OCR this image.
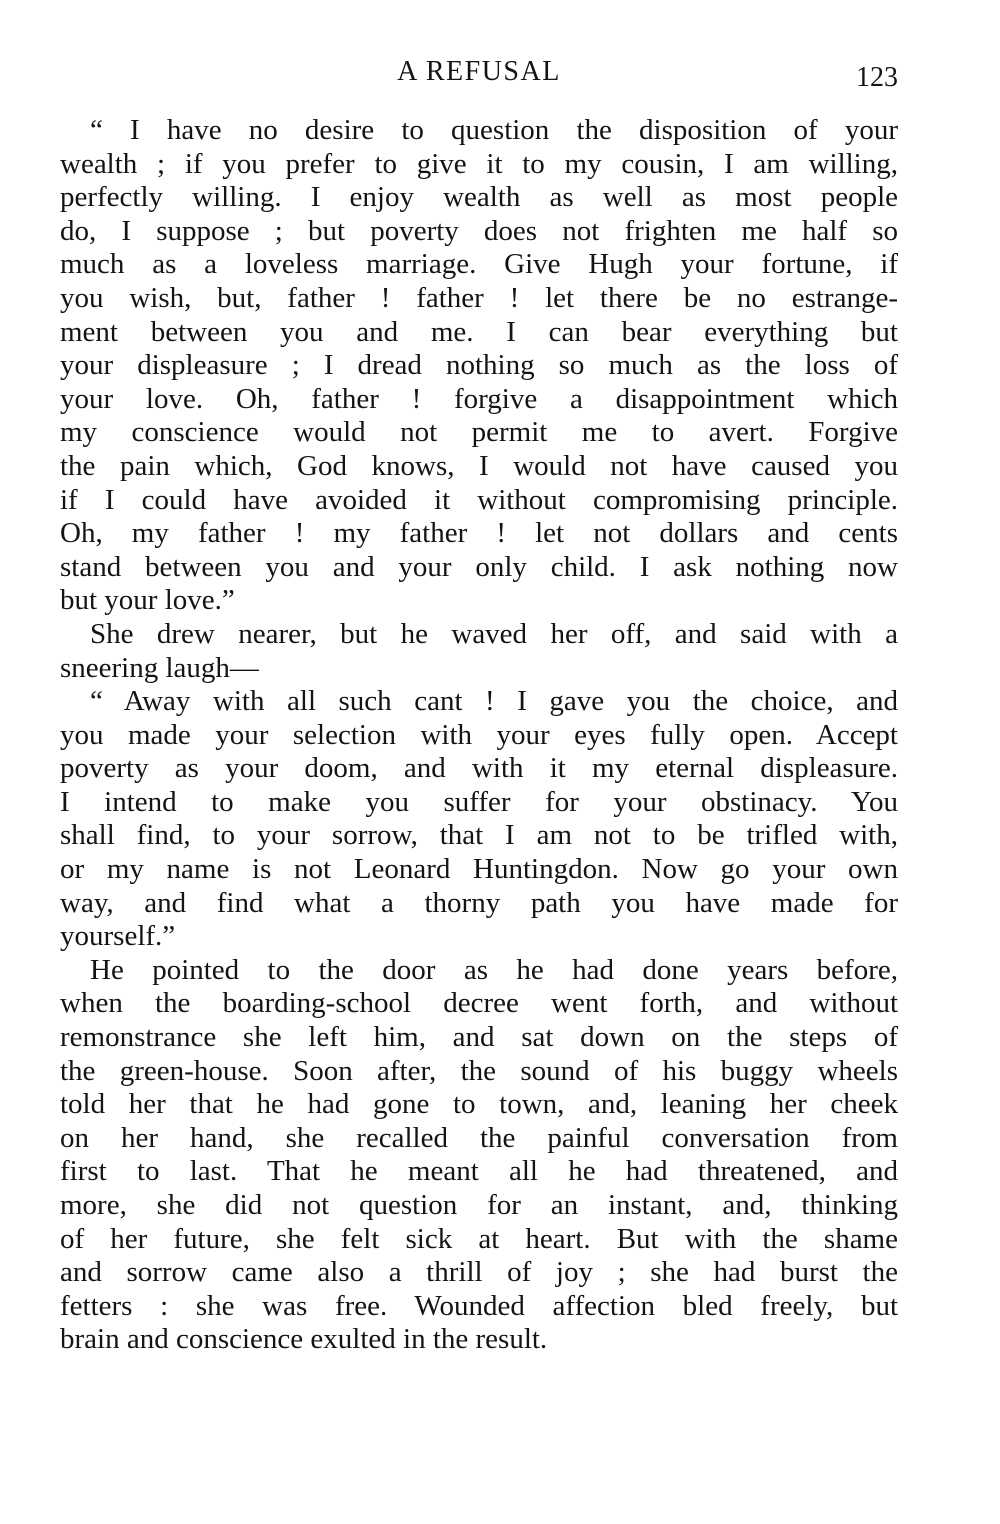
A REFUSAL	123
“ I have no desire to question the disposition of your
wealth ; if you prefer to give it to my cousin, I am willing,
perfectly willing. I enjoy wealth as well as most people
do, I suppose ; but poverty does not frighten me half so
much as a loveless marriage. Give Hugh your fortune, if
you wish, but, father ! father ! let there be no estrange-
ment between you and me. I can bear everything but
your displeasure ; I dread nothing so much as the loss of
your love. Oh, father ! forgive a disappointment which
my conscience would not permit me to avert. Forgive
the pain which, God knows, I would not have caused you
if I could have avoided it without compromising principle.
Oh, my father ! my father ! let not dollars and cents
stand between you and your only child. I ask nothing now
but your love.”
She drew nearer, but he waved her off, and said with a
sneering laugh—
“ Away with all such cant ! I gave you the choice, and
you made your selection with your eyes fully open. Accept
poverty as your doom, and with it my eternal displeasure.
I intend to make you suffer for your obstinacy. You
shall find, to your sorrow, that I am not to be trifled with,
or my name is not Leonard Huntingdon. Now go your own
way, and find what a thorny path you have made for
yourself.”
He pointed to the door as he had done years before,
when the boarding-school decree went forth, and without
remonstrance she left him, and sat down on the steps of
the green-house. Soon after, the sound of his buggy wheels
told her that he had gone to town, and, leaning her cheek
on her hand, she recalled the painful conversation from
first to last. That he meant all he had threatened, and
more, she did not question for an instant, and, thinking
of her future, she felt sick at heart. But with the shame
and sorrow came also a thrill of joy ; she had burst the
fetters : she was free. Wounded affection bled freely, but
brain and conscience exulted in the result.
